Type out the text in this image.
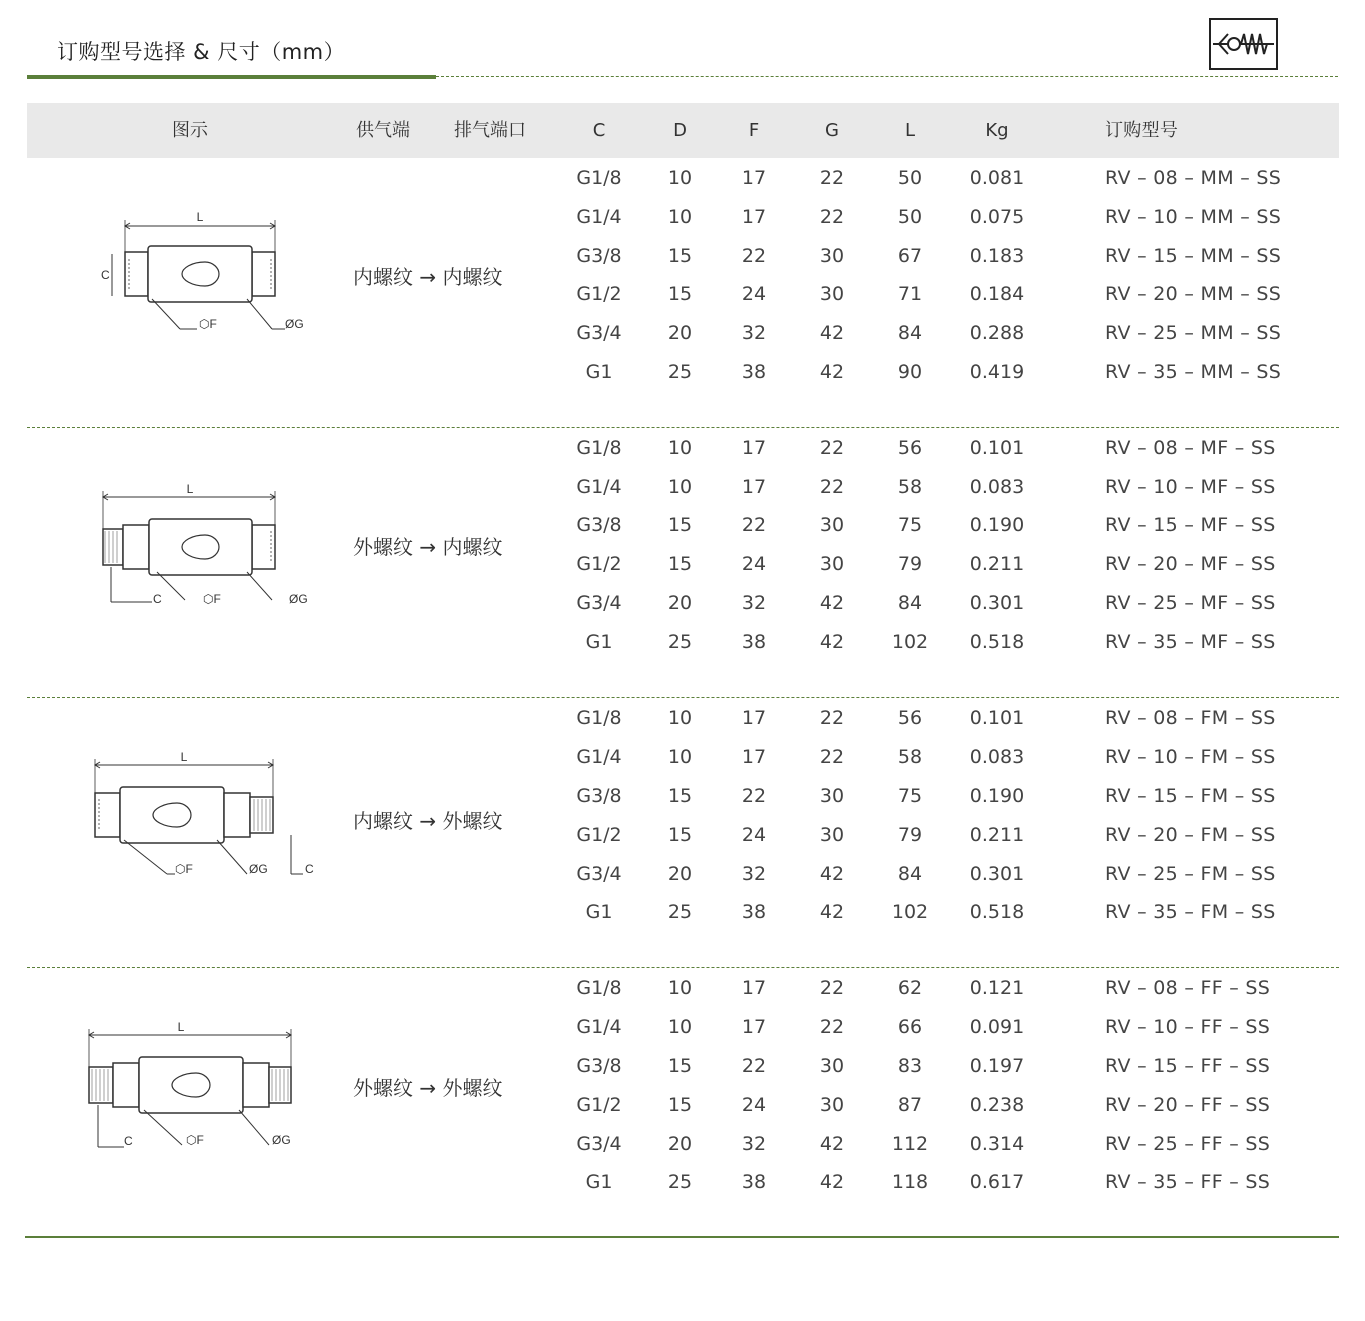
订购型号选择 & 尺寸（mm）
图示	供气端	排气端口	C	D	F	G	L	Kg	订购型号
L
C
⬡F	ØG
内螺纹 → 内螺纹
G1/8	10	17	22	50	0.081	RV – 08 – MM – SS
G1/4	10	17	22	50	0.075	RV – 10 – MM – SS
G3/8	15	22	30	67	0.183	RV – 15 – MM – SS
G1/2	15	24	30	71	0.184	RV – 20 – MM – SS
G3/4	20	32	42	84	0.288	RV – 25 – MM – SS
G1	25	38	42	90	0.419	RV – 35 – MM – SS
L
C	⬡F	ØG
外螺纹 → 内螺纹
G1/8	10	17	22	56	0.101	RV – 08 – MF – SS
G1/4	10	17	22	58	0.083	RV – 10 – MF – SS
G3/8	15	22	30	75	0.190	RV – 15 – MF – SS
G1/2	15	24	30	79	0.211	RV – 20 – MF – SS
G3/4	20	32	42	84	0.301	RV – 25 – MF – SS
G1	25	38	42	102	0.518	RV – 35 – MF – SS
L
⬡F	ØG	C
内螺纹 → 外螺纹
G1/8	10	17	22	56	0.101	RV – 08 – FM – SS
G1/4	10	17	22	58	0.083	RV – 10 – FM – SS
G3/8	15	22	30	75	0.190	RV – 15 – FM – SS
G1/2	15	24	30	79	0.211	RV – 20 – FM – SS
G3/4	20	32	42	84	0.301	RV – 25 – FM – SS
G1	25	38	42	102	0.518	RV – 35 – FM – SS
L
C	⬡F	ØG
外螺纹 → 外螺纹
G1/8	10	17	22	62	0.121	RV – 08 – FF – SS
G1/4	10	17	22	66	0.091	RV – 10 – FF – SS
G3/8	15	22	30	83	0.197	RV – 15 – FF – SS
G1/2	15	24	30	87	0.238	RV – 20 – FF – SS
G3/4	20	32	42	112	0.314	RV – 25 – FF – SS
G1	25	38	42	118	0.617	RV – 35 – FF – SS
